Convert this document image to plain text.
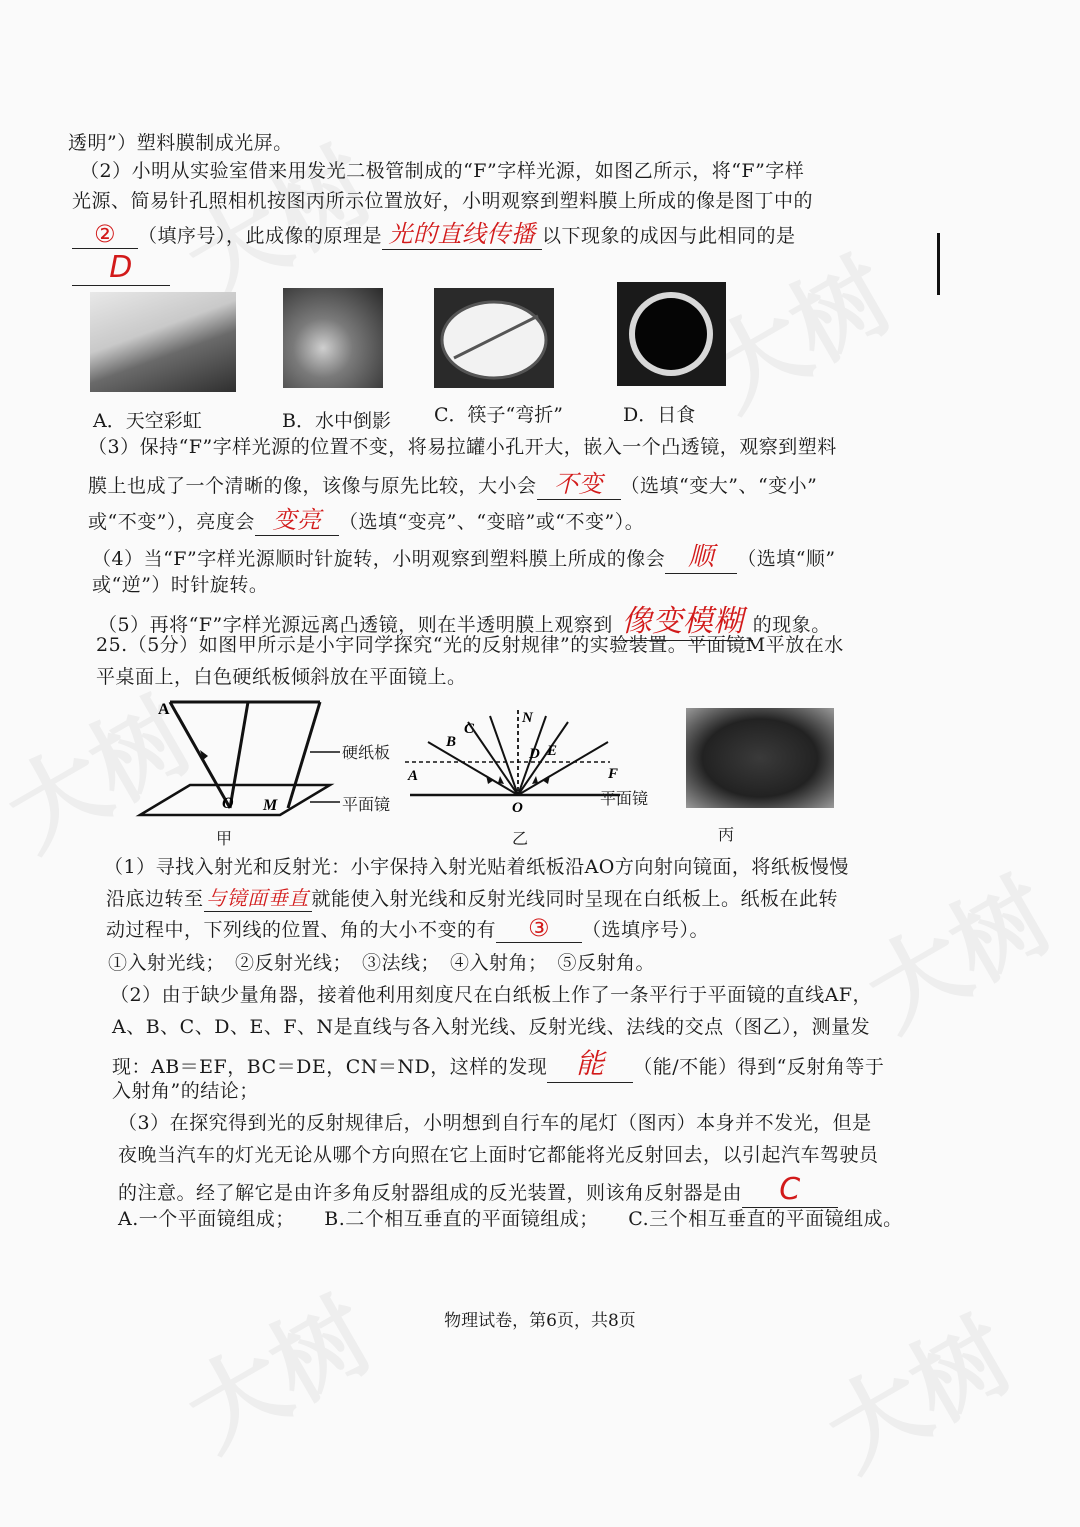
透明”）塑料膜制成光屏。
（2）小明从实验室借来用发光二极管制成的“F”字样光源，如图乙所示，将“F”字样
光源、简易针孔照相机按图丙所示位置放好，小明观察到塑料膜上所成的像是图丁中的
② （填序号），此成像的原理是 光的直线传播 以下现象的成因与此相同的是
D
A．天空彩虹	B．水中倒影 C．筷子“弯折”	D．日食
（3）保持“F”字样光源的位置不变，将易拉罐小孔开大，嵌入一个凸透镜，观察到塑料
膜上也成了一个清晰的像，该像与原先比较，大小会 不变 （选填“变大”、“变小”
或“不变”），亮度会 变亮 （选填“变亮”、“变暗”或“不变”）。
（4）当“F”字样光源顺时针旋转，小明观察到塑料膜上所成的像会 顺 （选填“顺”
或“逆”）时针旋转。
（5）再将“F”字样光源远离凸透镜，则在半透明膜上观察到 像变模糊 的现象。
25.（5分）如图甲所示是小宇同学探究“光的反射规律”的实验装置。平面镜M平放在水
平桌面上，白色硬纸板倾斜放在平面镜上。
A
O M
硬纸板
平面镜
甲
C
N
B
D E
A	F
O	平面镜
乙	丙
（1）寻找入射光和反射光：小宇保持入射光贴着纸板沿AO方向射向镜面，将纸板慢慢
沿底边转至 与镜面垂直 就能使入射光线和反射光线同时呈现在白纸板上。纸板在此转
动过程中，下列线的位置、角的大小不变的有 ③ （选填序号）。
①入射光线；　②反射光线；　③法线；　④入射角；　⑤反射角。
（2）由于缺少量角器，接着他利用刻度尺在白纸板上作了一条平行于平面镜的直线AF，
A、B、C、D、E、F、N是直线与各入射光线、反射光线、法线的交点（图乙），测量发
现：AB＝EF，BC＝DE，CN＝ND，这样的发现 能 （能/不能）得到“反射角等于
入射角”的结论；
（3）在探究得到光的反射规律后，小明想到自行车的尾灯（图丙）本身并不发光，但是
夜晚当汽车的灯光无论从哪个方向照在它上面时它都能将光反射回去，以引起汽车驾驶员
的注意。经了解它是由许多角反射器组成的反光装置，则该角反射器是由 C
A.一个平面镜组成；　　B.二个相互垂直的平面镜组成；　　C.三个相互垂直的平面镜组成。
物理试卷，第6页，共8页
